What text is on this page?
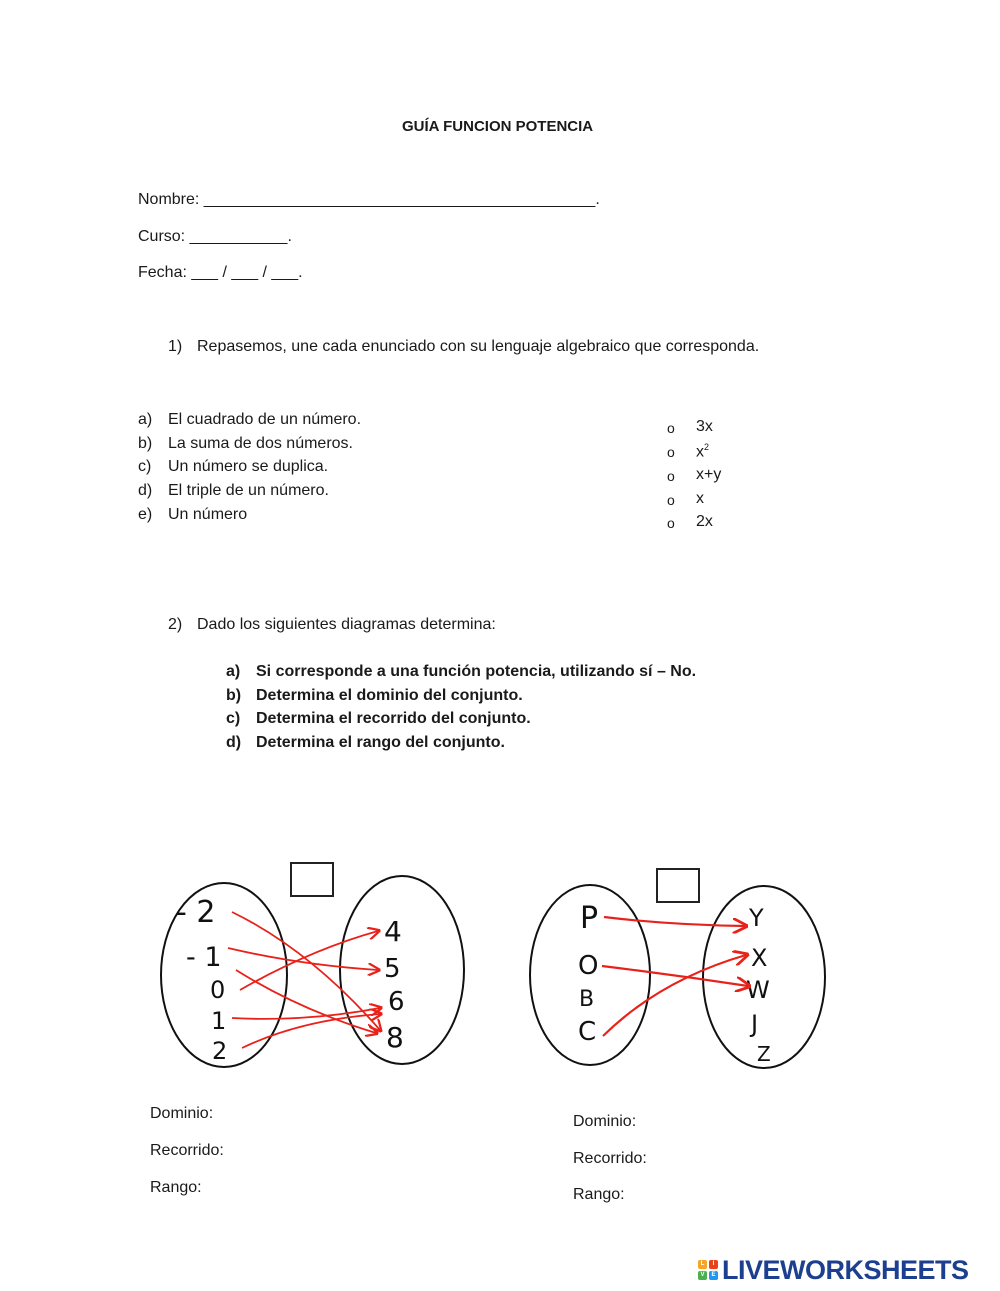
GUÍA FUNCION POTENCIA
Nombre: ____________________________________________.
Curso: ___________.
Fecha: ___ / ___ / ___.
1) Repasemos, une cada enunciado con su lenguaje algebraico que corresponda.
a) El cuadrado de un número.
b) La suma de dos números.
c) Un número se duplica.
d) El triple de un número.
e) Un número
o 3x
o $x^2$
o x+y
o x
o 2x
2) Dado los siguientes diagramas determina:
a) Si corresponde a una función potencia, utilizando sí – No.
b) Determina el dominio del conjunto.
c) Determina el recorrido del conjunto.
d) Determina el rango del conjunto.
- 2
- 1
0
1
2
4
5
6
8
P
O
B
C
Y
X
W
J
Z
Dominio:
Recorrido:
Rango:
Dominio:
Recorrido:
Rango:
L	I
V	E LIVEWORKSHEETS
